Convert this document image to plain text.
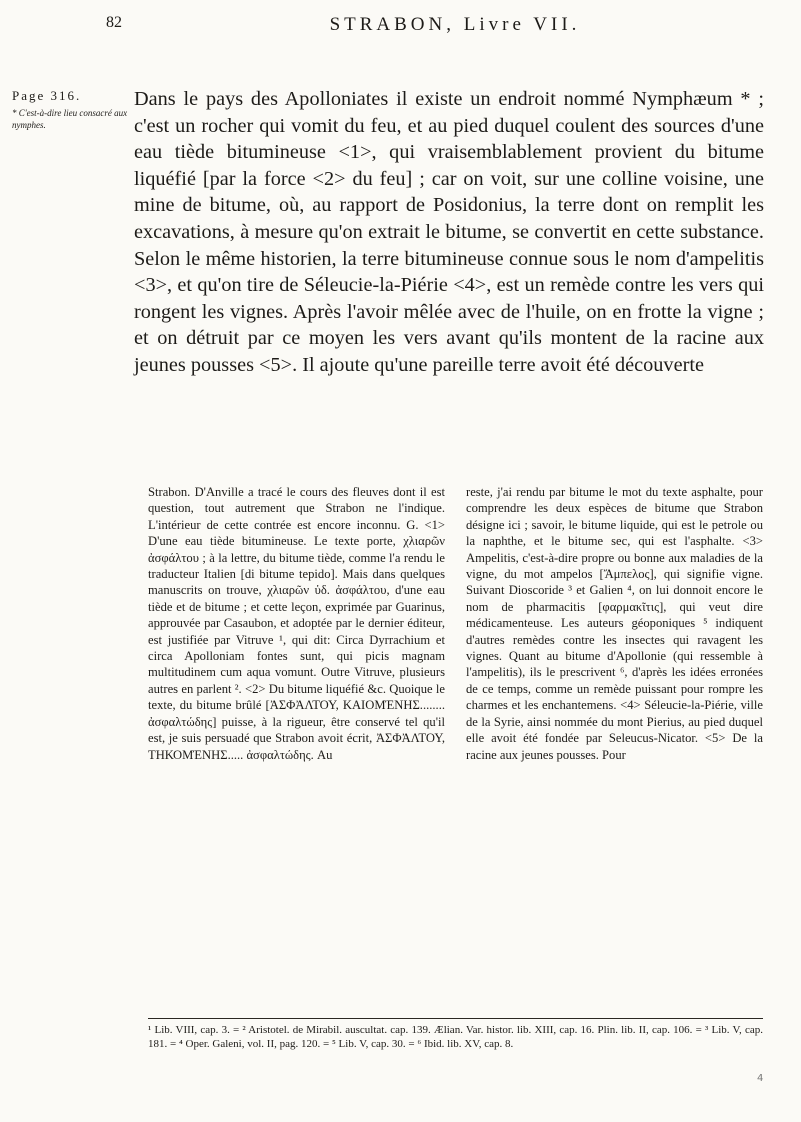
82	STRABON, Livre VII.
Page 316.
* C'est-à-dire lieu consacré aux nymphes.

Dans le pays des Apolloniates il existe un endroit nommé Nymphæum * ; c'est un rocher qui vomit du feu, et au pied duquel coulent des sources d'une eau tiède bitumineuse <1>, qui vraisemblablement provient du bitume liquéfié [par la force <2> du feu] ; car on voit, sur une colline voisine, une mine de bitume, où, au rapport de Posidonius, la terre dont on remplit les excavations, à mesure qu'on extrait le bitume, se convertit en cette substance. Selon le même historien, la terre bitumineuse connue sous le nom d'ampelitis <3>, et qu'on tire de Séleucie-la-Piérie <4>, est un remède contre les vers qui rongent les vignes. Après l'avoir mêlée avec de l'huile, on en frotte la vigne ; et on détruit par ce moyen les vers avant qu'ils montent de la racine aux jeunes pousses <5>. Il ajoute qu'une pareille terre avoit été découverte

Strabon. D'Anville a tracé le cours des fleuves dont il est question, tout autrement que Strabon ne l'indique. L'intérieur de cette contrée est encore inconnu. G. <1> D'une eau tiède bitumineuse. Le texte porte, χλιαρῶν ἀσφάλτου ; à la lettre, du bitume tiède, comme l'a rendu le traducteur Italien [di bitume tepido]. Mais dans quelques manuscrits on trouve, χλιαρῶν ὑδ. ἀσφάλτου, d'une eau tiède et de bitume ; et cette leçon, exprimée par Guarinus, approuvée par Casaubon, et adoptée par le dernier éditeur, est justifiée par Vitruve ¹, qui dit: Circa Dyrrachium et circa Apolloniam fontes sunt, qui picis magnam multitudinem cum aqua vomunt. Outre Vitruve, plusieurs autres en parlent ². <2> Du bitume liquéfié &c. Quoique le texte, du bitume brûlé [ἈΣΦἈΛΤΟΥ, ΚΑΙΟΜΈΝΗΣ........ ἀσφαλτώδης] puisse, à la rigueur, être conservé tel qu'il est, je suis persuadé que Strabon avoit écrit, ἈΣΦἈΛΤΟΥ, ΤΗΚΟΜΈΝΗΣ..... ἀσφαλτώδης. Au

reste, j'ai rendu par bitume le mot du texte asphalte, pour comprendre les deux espèces de bitume que Strabon désigne ici ; savoir, le bitume liquide, qui est le petrole ou la naphthe, et le bitume sec, qui est l'asphalte. <3> Ampelitis, c'est-à-dire propre ou bonne aux maladies de la vigne, du mot ampelos [Ἄμπελος], qui signifie vigne. Suivant Dioscoride ³ et Galien ⁴, on lui donnoit encore le nom de pharmacitis [φαρμακῖτις], qui veut dire médicamenteuse. Les auteurs géoponiques ⁵ indiquent d'autres remèdes contre les insectes qui ravagent les vignes. Quant au bitume d'Apollonie (qui ressemble à l'ampelitis), ils le prescrivent ⁶, d'après les idées erronées de ce temps, comme un remède puissant pour rompre les charmes et les enchantemens. <4> Séleucie-la-Piérie, ville de la Syrie, ainsi nommée du mont Pierius, au pied duquel elle avoit été fondée par Seleucus-Nicator. <5> De la racine aux jeunes pousses. Pour

¹ Lib. VIII, cap. 3. = ² Aristotel. de Mirabil. auscultat. cap. 139. Ælian. Var. histor. lib. XIII, cap. 16. Plin. lib. II, cap. 106. = ³ Lib. V, cap. 181. = ⁴ Oper. Galeni, vol. II, pag. 120. = ⁵ Lib. V, cap. 30. = ⁶ Ibid. lib. XV, cap. 8.

4
